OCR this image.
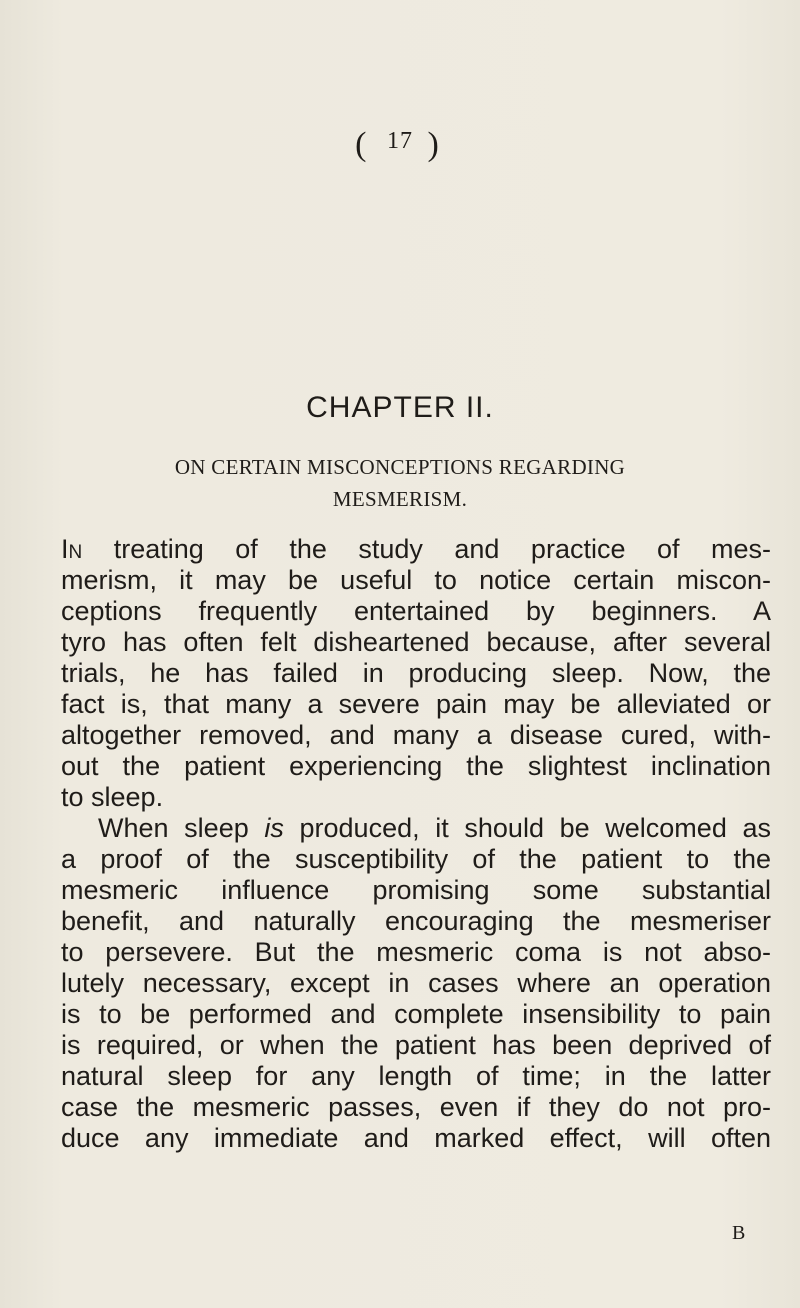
( $^{17}$ )
CHAPTER II.
ON CERTAIN MISCONCEPTIONS REGARDING
MESMERISM.
In treating of the study and practice of mes-
merism, it may be useful to notice certain miscon-
ceptions frequently entertained by beginners. A
tyro has often felt disheartened because, after several
trials, he has failed in producing sleep. Now, the
fact is, that many a severe pain may be alleviated or
altogether removed, and many a disease cured, with-
out the patient experiencing the slightest inclination
to sleep.
When sleep is produced, it should be welcomed as
a proof of the susceptibility of the patient to the
mesmeric influence promising some substantial
benefit, and naturally encouraging the mesmeriser
to persevere. But the mesmeric coma is not abso-
lutely necessary, except in cases where an operation
is to be performed and complete insensibility to pain
is required, or when the patient has been deprived of
natural sleep for any length of time; in the latter
case the mesmeric passes, even if they do not pro-
duce any immediate and marked effect, will often
B
